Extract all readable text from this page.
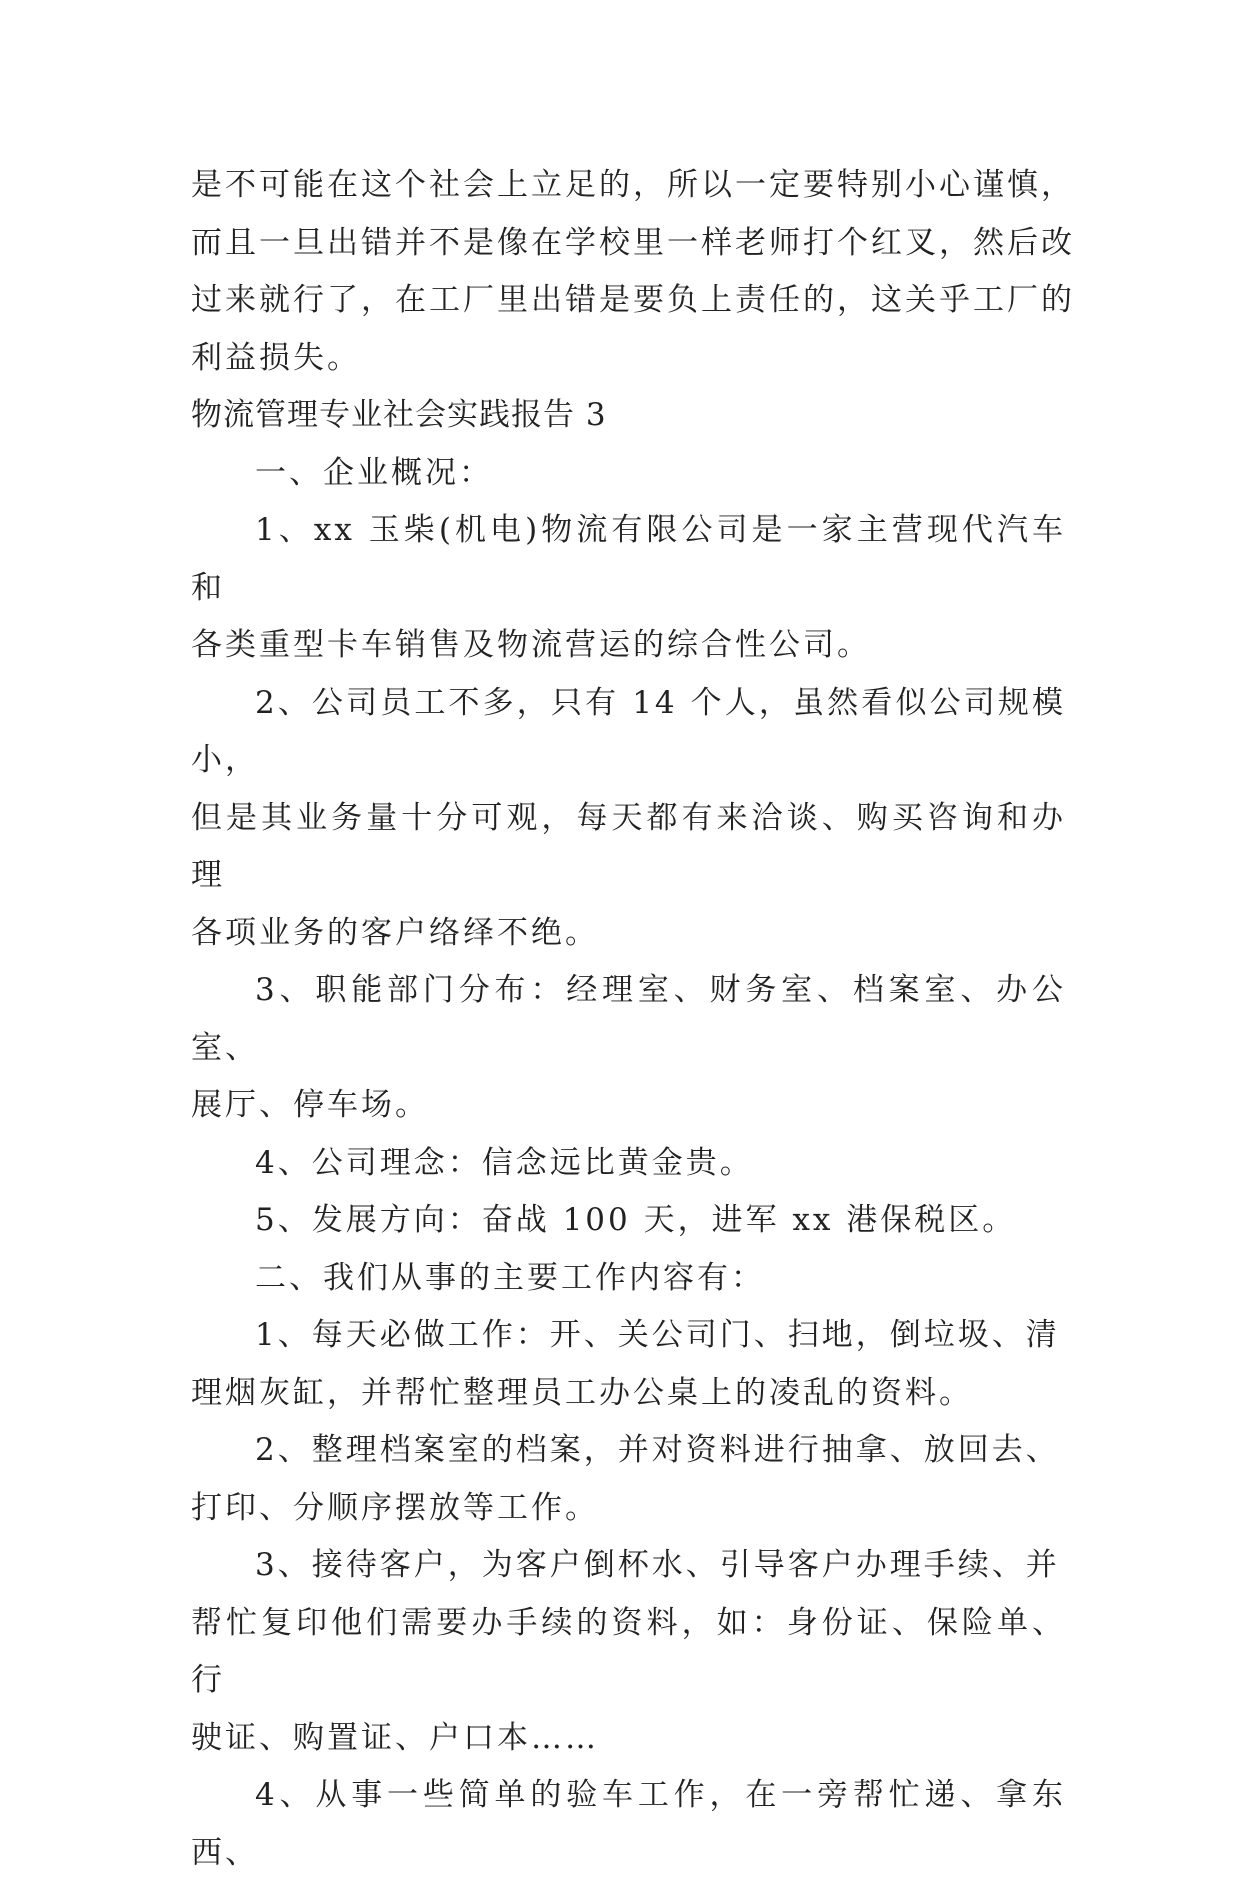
是不可能在这个社会上立足的，所以一定要特别小心谨慎，
而且一旦出错并不是像在学校里一样老师打个红叉，然后改
过来就行了，在工厂里出错是要负上责任的，这关乎工厂的
利益损失。

物流管理专业社会实践报告 3

一、企业概况：

1、xx 玉柴(机电)物流有限公司是一家主营现代汽车和
各类重型卡车销售及物流营运的综合性公司。

2、公司员工不多，只有 14 个人，虽然看似公司规模小，
但是其业务量十分可观，每天都有来洽谈、购买咨询和办理
各项业务的客户络绎不绝。

3、职能部门分布：经理室、财务室、档案室、办公室、
展厅、停车场。

4、公司理念：信念远比黄金贵。

5、发展方向：奋战 100 天，进军 xx 港保税区。

二、我们从事的主要工作内容有：

1、每天必做工作：开、关公司门、扫地，倒垃圾、清
理烟灰缸，并帮忙整理员工办公桌上的凌乱的资料。

2、整理档案室的档案，并对资料进行抽拿、放回去、
打印、分顺序摆放等工作。

3、接待客户，为客户倒杯水、引导客户办理手续、并
帮忙复印他们需要办手续的资料，如：身份证、保险单、行
驶证、购置证、户口本……

4、从事一些简单的验车工作，在一旁帮忙递、拿东西、
